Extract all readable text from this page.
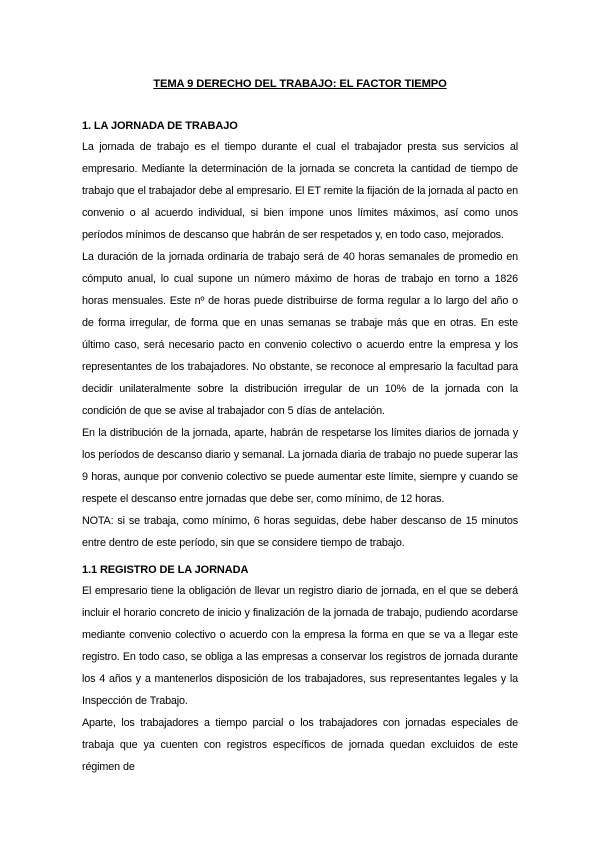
TEMA 9 DERECHO DEL TRABAJO: EL FACTOR TIEMPO

1. LA JORNADA DE TRABAJO

La jornada de trabajo es el tiempo durante el cual el trabajador presta sus servicios al empresario. Mediante la determinación de la jornada se concreta la cantidad de tiempo de trabajo que el trabajador debe al empresario. El ET remite la fijación de la jornada al pacto en convenio o al acuerdo individual, si bien impone unos límites máximos, así como unos períodos mínimos de descanso que habrán de ser respetados y, en todo caso, mejorados.

La duración de la jornada ordinaria de trabajo será de 40 horas semanales de promedio en cómputo anual, lo cual supone un número máximo de horas de trabajo en torno a 1826 horas mensuales. Este nº de horas puede distribuirse de forma regular a lo largo del año o de forma irregular, de forma que en unas semanas se trabaje más que en otras. En este último caso, será necesario pacto en convenio colectivo o acuerdo entre la empresa y los representantes de los trabajadores. No obstante, se reconoce al empresario la facultad para decidir unilateralmente sobre la distribución irregular de un 10% de la jornada con la condición de que se avise al trabajador con 5 días de antelación.

En la distribución de la jornada, aparte, habrán de respetarse los límites diarios de jornada y los períodos de descanso diario y semanal. La jornada diaria de trabajo no puede superar las 9 horas, aunque por convenio colectivo se puede aumentar este límite, siempre y cuando se respete el descanso entre jornadas que debe ser, como mínimo, de 12 horas.

NOTA: si se trabaja, como mínimo, 6 horas seguidas, debe haber descanso de 15 minutos entre dentro de este período, sin que se considere tiempo de trabajo.

1.1 REGISTRO DE LA JORNADA

El empresario tiene la obligación de llevar un registro diario de jornada, en el que se deberá incluir el horario concreto de inicio y finalización de la jornada de trabajo, pudiendo acordarse mediante convenio colectivo o acuerdo con la empresa la forma en que se va a llegar este registro. En todo caso, se obliga a las empresas a conservar los registros de jornada durante los 4 años y a mantenerlos disposición de los trabajadores, sus representantes legales y la Inspección de Trabajo.

Aparte, los trabajadores a tiempo parcial o los trabajadores con jornadas especiales de trabaja que ya cuenten con registros específicos de jornada quedan excluidos de este régimen de
